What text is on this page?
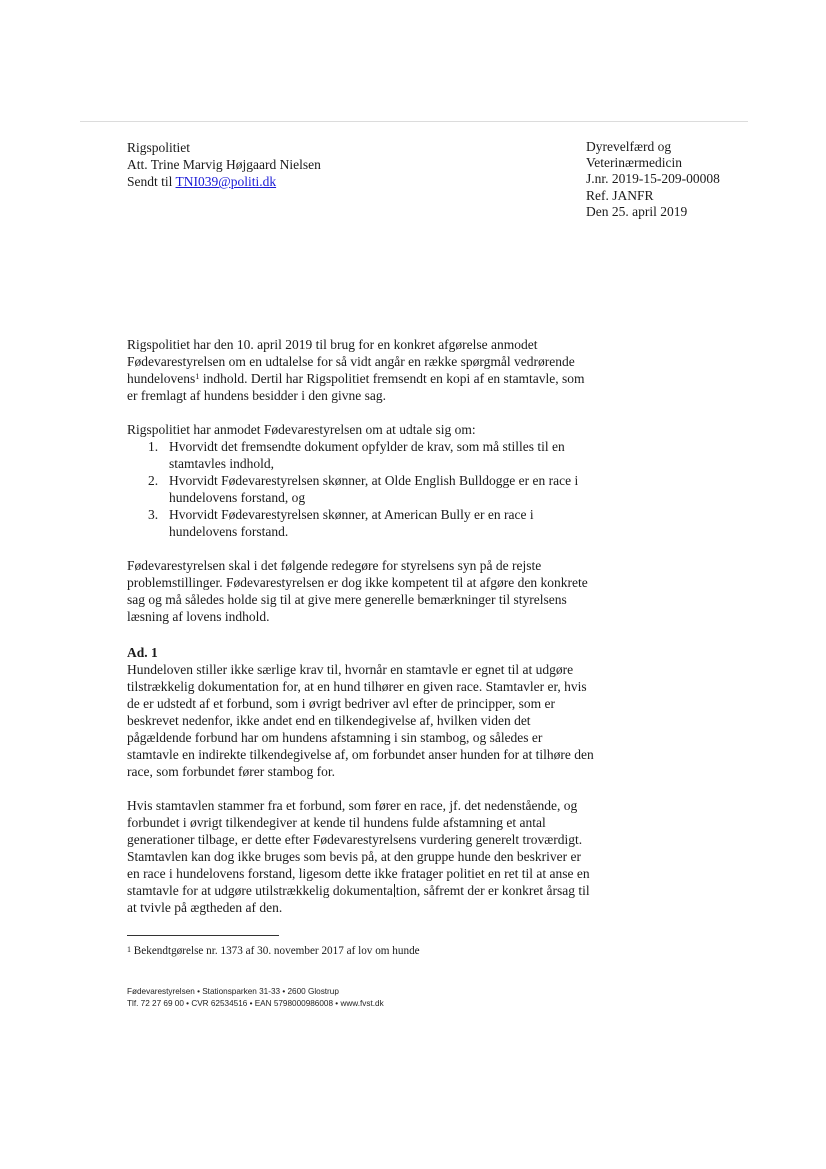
Rigspolitiet
Att. Trine Marvig Højgaard Nielsen
Sendt til TNI039@politi.dk
Dyrevelfærd og
Veterinærmedicin
J.nr. 2019-15-209-00008
Ref. JANFR
Den 25. april 2019

Rigspolitiet har den 10. april 2019 til brug for en konkret afgørelse anmodet Fødevarestyrelsen om en udtalelse for så vidt angår en række spørgmål vedrørende hundelovens$^1$ indhold. Dertil har Rigspolitiet fremsendt en kopi af en stamtavle, som er fremlagt af hundens besidder i den givne sag.

Rigspolitiet har anmodet Fødevarestyrelsen om at udtale sig om:

1. Hvorvidt det fremsendte dokument opfylder de krav, som må stilles til en stamtavles indhold,
2. Hvorvidt Fødevarestyrelsen skønner, at Olde English Bulldogge er en race i hundelovens forstand, og
3. Hvorvidt Fødevarestyrelsen skønner, at American Bully er en race i hundelovens forstand.

Fødevarestyrelsen skal i det følgende redegøre for styrelsens syn på de rejste problemstillinger. Fødevarestyrelsen er dog ikke kompetent til at afgøre den konkrete sag og må således holde sig til at give mere generelle bemærkninger til styrelsens læsning af lovens indhold.

Ad. 1

Hundeloven stiller ikke særlige krav til, hvornår en stamtavle er egnet til at udgøre tilstrækkelig dokumentation for, at en hund tilhører en given race. Stamtavler er, hvis de er udstedt af et forbund, som i øvrigt bedriver avl efter de principper, som er beskrevet nedenfor, ikke andet end en tilkendegivelse af, hvilken viden det pågældende forbund har om hundens afstamning i sin stambog, og således er stamtavle en indirekte tilkendegivelse af, om forbundet anser hunden for at tilhøre den race, som forbundet fører stambog for.

Hvis stamtavlen stammer fra et forbund, som fører en race, jf. det nedenstående, og forbundet i øvrigt tilkendegiver at kende til hundens fulde afstamning et antal generationer tilbage, er dette efter Fødevarestyrelsens vurdering generelt troværdigt. Stamtavlen kan dog ikke bruges som bevis på, at den gruppe hunde den beskriver er en race i hundelovens forstand, ligesom dette ikke fratager politiet en ret til at anse en stamtavle for at udgøre utilstrækkelig dokumenta tion, såfremt der er konkret årsag til at tvivle på ægtheden af den.

$^1$ Bekendtgørelse nr. 1373 af 30. november 2017 af lov om hunde
Fødevarestyrelsen • Stationsparken 31-33 • 2600 Glostrup
Tlf. 72 27 69 00 • CVR 62534516 • EAN 5798000986008 • www.fvst.dk
